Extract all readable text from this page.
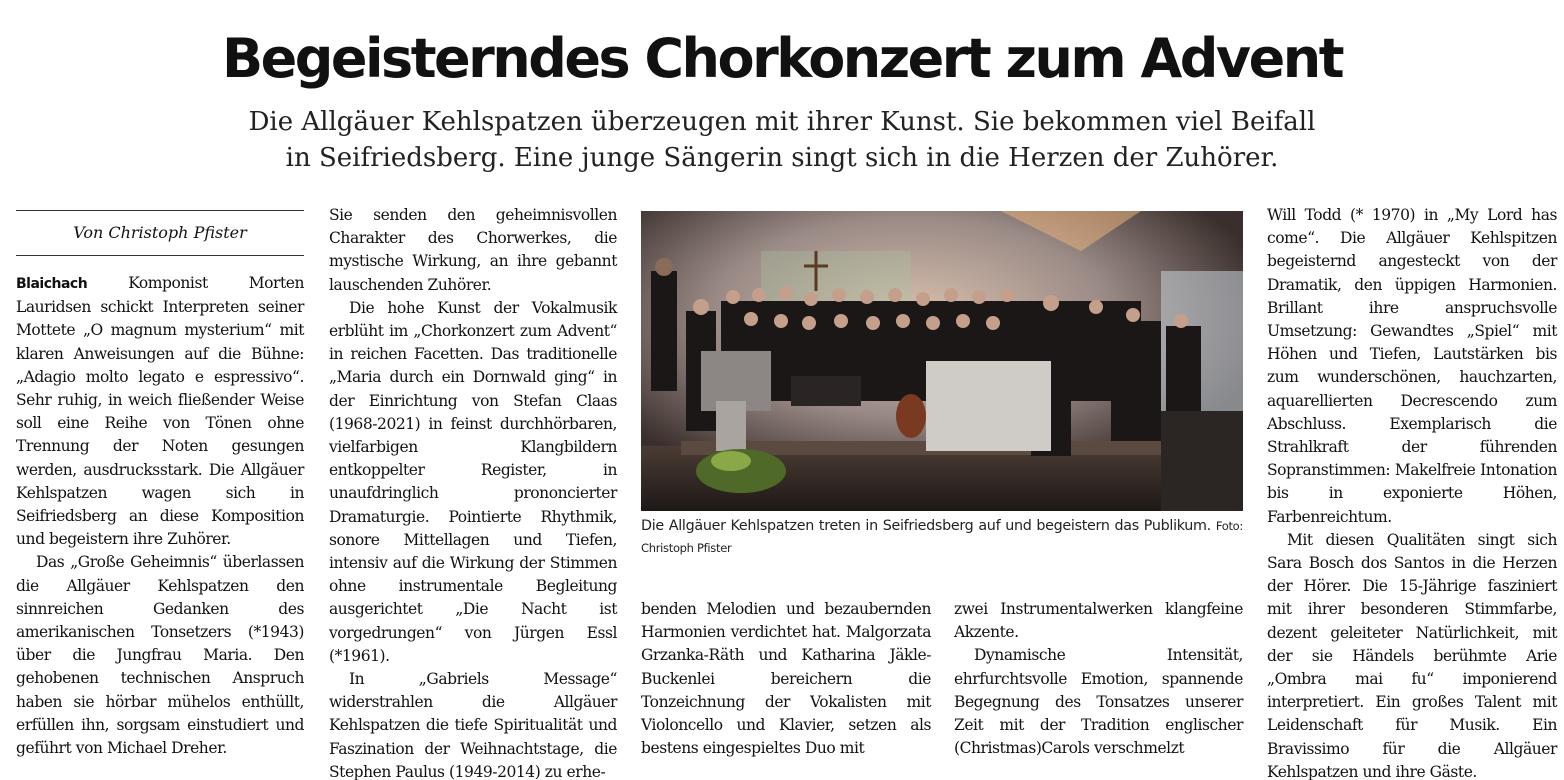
Begeisterndes Chorkonzert zum Advent
Die Allgäuer Kehlspatzen überzeugen mit ihrer Kunst. Sie bekommen viel Beifall
in Seifriedsberg. Eine junge Sängerin singt sich in die Herzen der Zuhörer.
Von Christoph Pfister

Blaichach	Komponist Morten Lauridsen schickt Interpreten seiner Mottete „O magnum mysterium“ mit klaren Anweisungen auf die Bühne: „Adagio molto legato e espressivo“. Sehr ruhig, in weich fließender Weise soll eine Reihe von Tönen ohne Trennung der Noten gesungen werden, ausdrucksstark. Die Allgäuer Kehlspatzen wagen sich in Seifriedsberg an diese Komposition und begeistern ihre Zuhörer.

Das „Große Geheimnis“ überlassen die Allgäuer Kehlspatzen den sinnreichen Gedanken des amerikanischen Tonsetzers (*1943) über die Jungfrau Maria. Den gehobenen technischen Anspruch haben sie hörbar mühelos enthüllt, erfüllen ihn, sorgsam einstudiert und geführt von Michael Dreher.

Sie senden den geheimnisvollen Charakter des Chorwerkes, die mystische Wirkung, an ihre gebannt lauschenden Zuhörer.

Die hohe Kunst der Vokalmusik erblüht im „Chorkonzert zum Advent“ in reichen Facetten. Das traditionelle „Maria durch ein Dornwald ging“ in der Einrichtung von Stefan Claas (1968-2021) in feinst durchhörbaren, vielfarbigen Klangbildern entkoppelter Register, in unaufdringlich prononcierter Dramaturgie. Pointierte Rhythmik, sonore Mittellagen und Tiefen, intensiv auf die Wirkung der Stimmen ohne instrumentale Begleitung ausgerichtet „Die Nacht ist vorgedrungen“ von Jürgen Essl (*1961).

In „Gabriels Message“ widerstrahlen die Allgäuer Kehlspatzen die tiefe Spiritualität und Faszination der Weihnachtstage, die Stephen Paulus (1949-2014) zu erhe-

Die Allgäuer Kehlspatzen treten in Seifriedsberg auf und begeistern das Publikum. Foto: Christoph Pfister

benden Melodien und bezaubernden Harmonien verdichtet hat. Malgorzata Grzanka-Räth und Katharina Jäkle-Buckenlei bereichern die Tonzeichnung der Vokalisten mit Violoncello und Klavier, setzen als bestens eingespieltes Duo mit

zwei Instrumentalwerken klangfeine Akzente.

Dynamische Intensität, ehrfurchtsvolle Emotion, spannende Begegnung des Tonsatzes unserer Zeit mit der Tradition englischer (Christmas)Carols verschmelzt

Will Todd (* 1970) in „My Lord has come“. Die Allgäuer Kehlspitzen begeisternd angesteckt von der Dramatik, den üppigen Harmonien. Brillant ihre anspruchsvolle Umsetzung: Gewandtes „Spiel“ mit Höhen und Tiefen, Lautstärken bis zum wunderschönen, hauchzarten, aquarellierten Decrescendo zum Abschluss. Exemplarisch die Strahlkraft der führenden Sopranstimmen: Makelfreie Intonation bis in exponierte Höhen, Farbenreichtum.

Mit diesen Qualitäten singt sich Sara Bosch dos Santos in die Herzen der Hörer. Die 15-Jährige fasziniert mit ihrer besonderen Stimmfarbe, dezent geleiteter Natürlichkeit, mit der sie Händels berühmte Arie „Ombra mai fu“ imponierend interpretiert. Ein großes Talent mit Leidenschaft für Musik. Ein Bravissimo für die Allgäuer Kehlspatzen und ihre Gäste.
